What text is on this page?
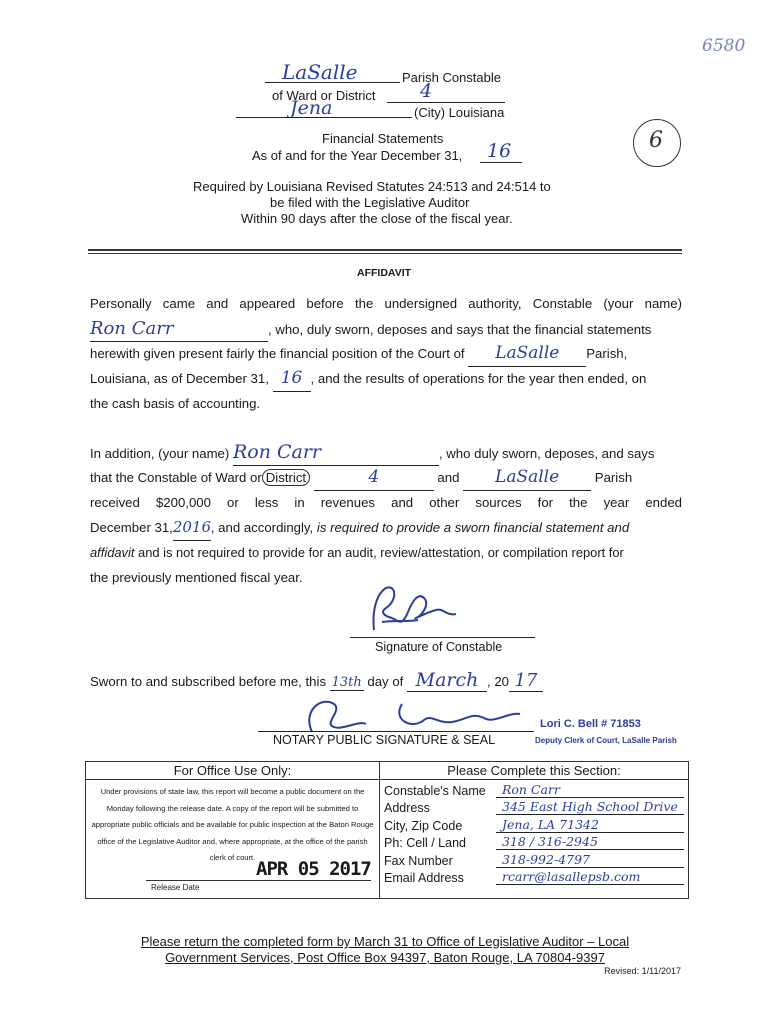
6580
LaSalle	Parish Constable
of Ward or District 4
Jena	(City) Louisiana
Financial Statements
As of and for the Year December 31, 16	6
Required by Louisiana Revised Statutes 24:513 and 24:514 to
be filed with the Legislative Auditor
Within 90 days after the close of the fiscal year.
AFFIDAVIT
Personally came and appeared before the undersigned authority, Constable (your name)
Ron Carr	, who, duly sworn, deposes and says that the financial statements
herewith given present fairly the financial position of the Court of LaSalle Parish,
Louisiana, as of December 31, 16 , and the results of operations for the year then ended, on
the cash basis of accounting.
In addition, (your name) Ron Carr	, who duly sworn, deposes, and says
that the Constable of Ward or District	4	and LaSalle	Parish
received $200,000 or less in revenues and other sources for the year ended
December 31,2016, and accordingly, is required to provide a sworn financial statement and
affidavit and is not required to provide for an audit, review/attestation, or compilation report for
the previously mentioned fiscal year.
Signature of Constable
Sworn to and subscribed before me, this 13th day of March , 20 17
Lori C. Bell # 71853
Deputy Clerk of Court, LaSalle Parish
NOTARY PUBLIC SIGNATURE & SEAL
For Office Use Only:
Under provisions of state law, this report will become a public document on the Monday following the release date. A copy of the report will be submitted to appropriate public officials and be available for public inspection at the Baton Rouge office of the Legislative Auditor and, where appropriate, at the office of the parish clerk of court.
APR 05 2017
Release Date

Please Complete this Section:
Constable's Name	Ron Carr
Address	345 East High School Drive
City, Zip Code	Jena, LA 71342
Ph: Cell / Land	318 / 316-2945
Fax Number	318-992-4797
Email Address	rcarr@lasallepsb.com
Please return the completed form by March 31 to Office of Legislative Auditor – Local
Government Services, Post Office Box 94397, Baton Rouge, LA 70804-9397
Revised: 1/11/2017
